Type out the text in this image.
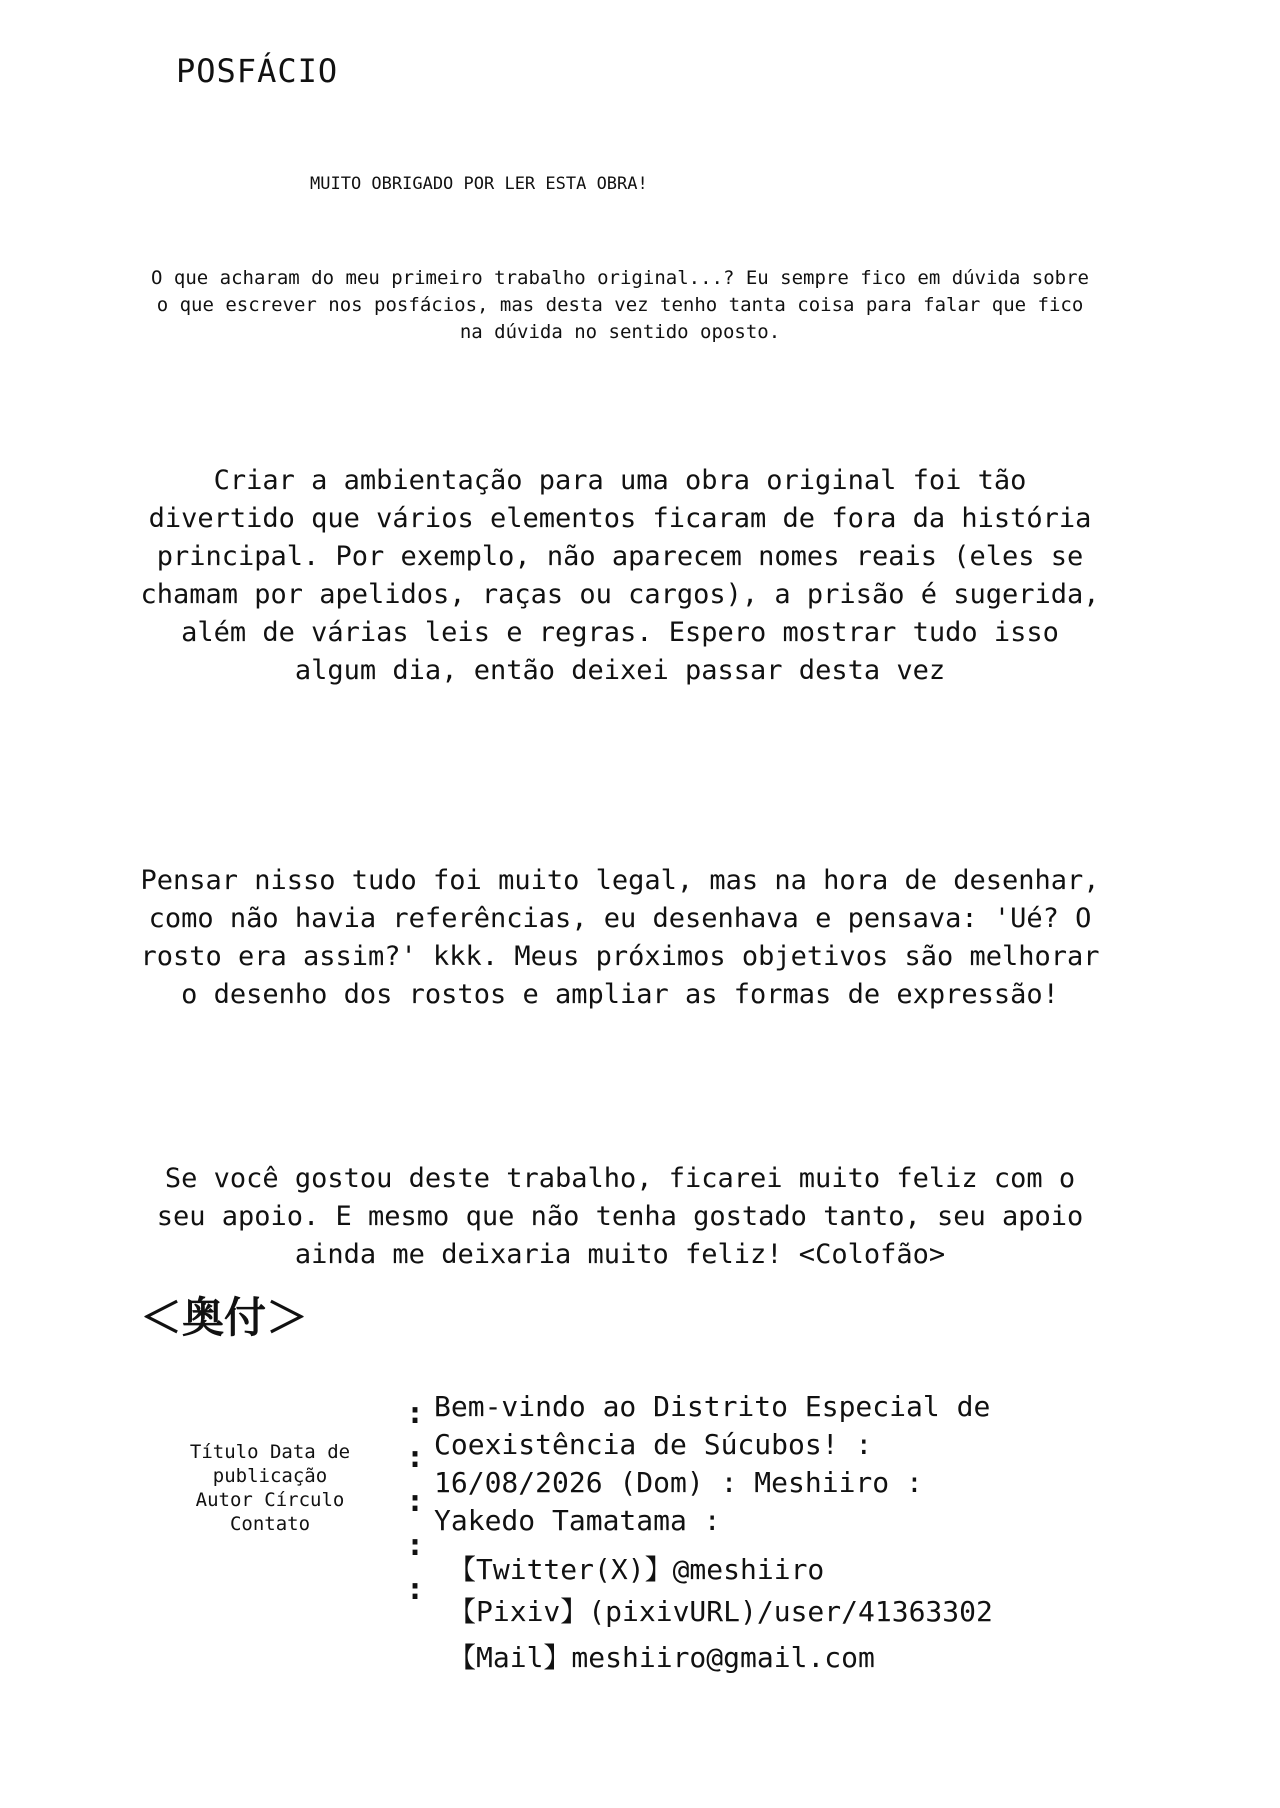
POSFÁCIO
MUITO OBRIGADO POR LER ESTA OBRA!
O que acharam do meu primeiro trabalho original...? Eu sempre fico em dúvida sobre o que escrever nos posfácios, mas desta vez tenho tanta coisa para falar que fico na dúvida no sentido oposto.
Criar a ambientação para uma obra original foi tão divertido que vários elementos ficaram de fora da história principal. Por exemplo, não aparecem nomes reais (eles se chamam por apelidos, raças ou cargos), a prisão é sugerida, além de várias leis e regras. Espero mostrar tudo isso algum dia, então deixei passar desta vez
Pensar nisso tudo foi muito legal, mas na hora de desenhar, como não havia referências, eu desenhava e pensava: 'Ué? O rosto era assim?' kkk. Meus próximos objetivos são melhorar o desenho dos rostos e ampliar as formas de expressão!
Se você gostou deste trabalho, ficarei muito feliz com o seu apoio. E mesmo que não tenha gostado tanto, seu apoio ainda me deixaria muito feliz! <Colofão>
＜奥付＞
Título Data de publicação Autor Círculo Contato
:
:
:
:
:
Bem-vindo ao Distrito Especial de Coexistência de Súcubos! : 16/08/2026 (Dom) : Meshiiro : Yakedo Tamatama :
【Twitter(X)】@meshiiro
【Pixiv】(pixivURL)/user/41363302
【Mail】meshiiro@gmail.com
